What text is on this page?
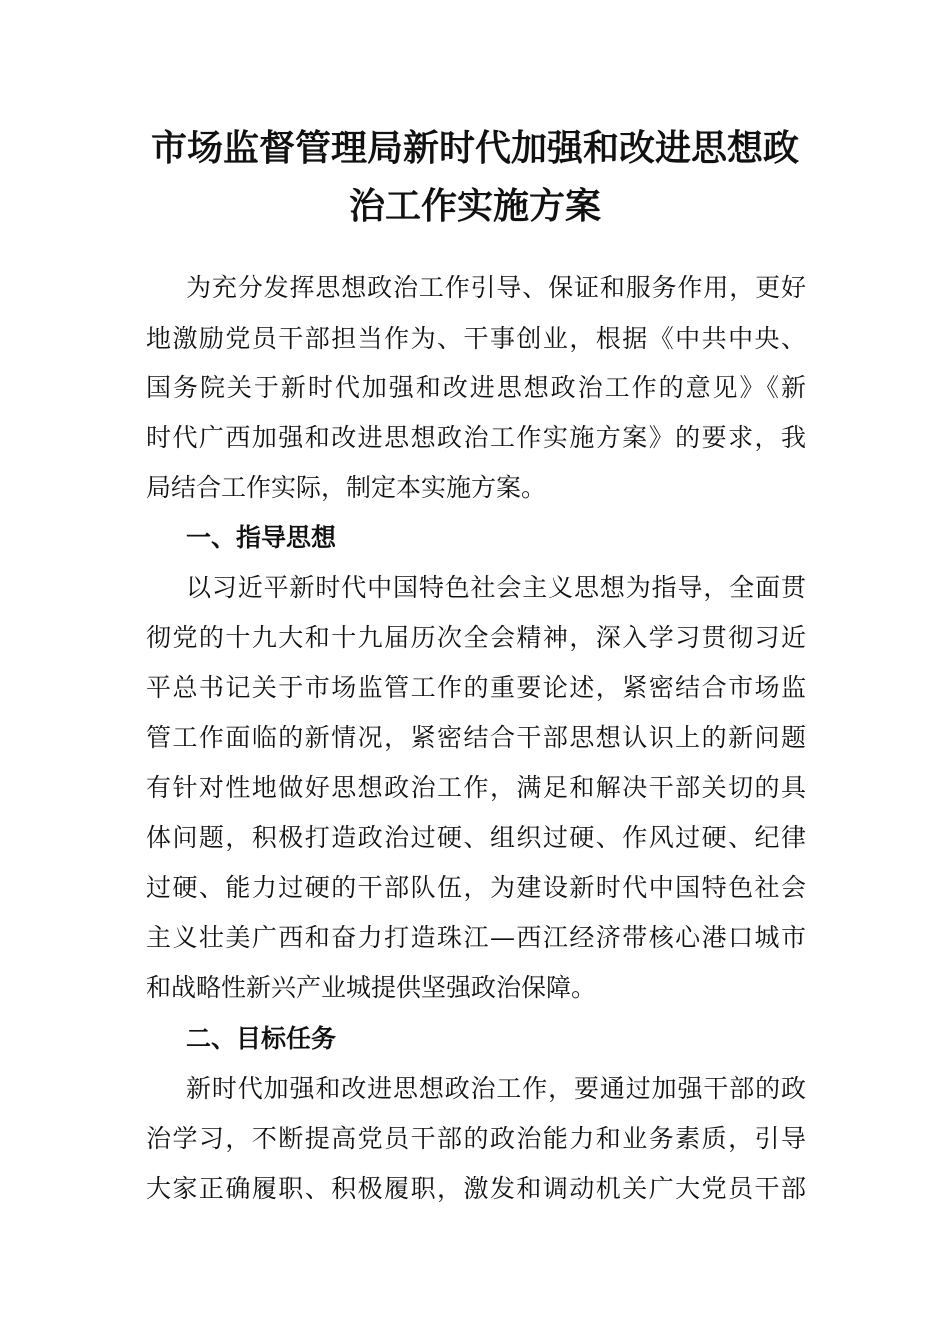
市场监督管理局新时代加强和改进思想政
治工作实施方案
为充分发挥思想政治工作引导、保证和服务作用，更好
地激励党员干部担当作为、干事创业，根据《中共中央、
国务院关于新时代加强和改进思想政治工作的意见》《新
时代广西加强和改进思想政治工作实施方案》的要求，我
局结合工作实际，制定本实施方案。
一、指导思想
以习近平新时代中国特色社会主义思想为指导，全面贯
彻党的十九大和十九届历次全会精神，深入学习贯彻习近
平总书记关于市场监管工作的重要论述，紧密结合市场监
管工作面临的新情况，紧密结合干部思想认识上的新问题
有针对性地做好思想政治工作，满足和解决干部关切的具
体问题，积极打造政治过硬、组织过硬、作风过硬、纪律
过硬、能力过硬的干部队伍，为建设新时代中国特色社会
主义壮美广西和奋力打造珠江—西江经济带核心港口城市
和战略性新兴产业城提供坚强政治保障。
二、目标任务
新时代加强和改进思想政治工作，要通过加强干部的政
治学习，不断提高党员干部的政治能力和业务素质，引导
大家正确履职、积极履职，激发和调动机关广大党员干部
